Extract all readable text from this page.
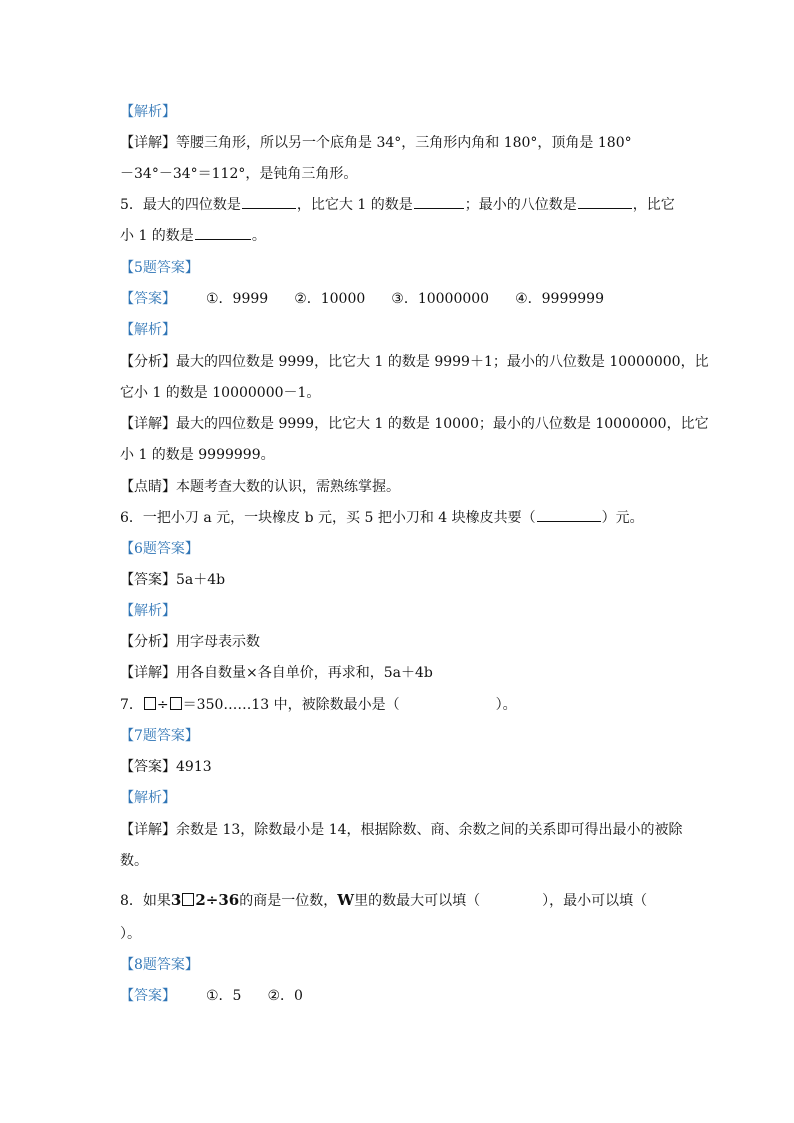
【解析】
【详解】等腰三角形，所以另一个底角是 34°，三角形内角和 180°，顶角是 180°
－34°－34°＝112°，是钝角三角形。
5．最大的四位数是	，比它大 1 的数是	；最小的八位数是	，比它
小 1 的数是	。
【5题答案】
【答案】 ①．9999 ②．10000 ③．10000000 ④．9999999
【解析】
【分析】最大的四位数是 9999，比它大 1 的数是 9999＋1；最小的八位数是 10000000，比
它小 1 的数是 10000000－1。
【详解】最大的四位数是 9999，比它大 1 的数是 10000；最小的八位数是 10000000，比它
小 1 的数是 9999999。
【点睛】本题考查大数的认识，需熟练掌握。
6．一把小刀 a 元，一块橡皮 b 元，买 5 把小刀和 4 块橡皮共要（	）元。
【6题答案】
【答案】5a＋4b
【解析】
【分析】用字母表示数
【详解】用各自数量×各自单价，再求和，5a＋4b
7． ÷ ＝350……13 中，被除数最小是（	）。
【7题答案】
【答案】4913
【解析】
【详解】余数是 13，除数最小是 14，根据除数、商、余数之间的关系即可得出最小的被除
数。
8．如果3 2÷36的商是一位数，W里的数最大可以填（	），最小可以填（
）。
【8题答案】
【答案】 ①．5 ②．0
